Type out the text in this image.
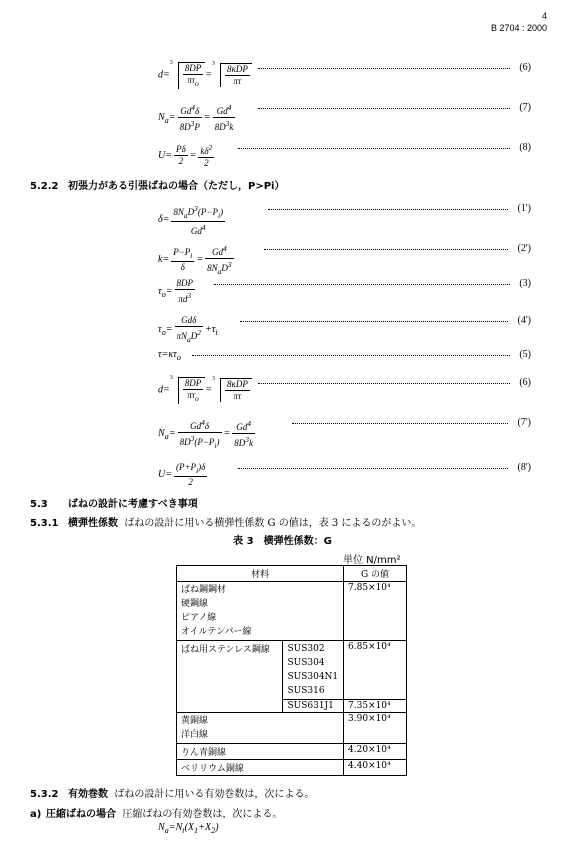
4
B 2704 : 2000
d=
$3 \frac{8DP}{\pi\tau_o}$ =
$3 \frac{\text{8κDP}}{\pi\tau}$	(6)
$N_a= \frac{Gd^4\delta}{8D^3P} = \frac{Gd^4}{8D^3k}$	(7)
$U= \frac{P\delta}{2} = \frac{k\delta^2}{2}$	(8)
5.2.2 初張力がある引張ばねの場合（ただし，P>Pi）
$\delta= \frac{8N_aD^3(P-P_i)}{Gd^4}$	(1')
$k= \frac{P-P_i}{\delta} = \frac{Gd^4}{8N_aD^3}$	(2')
$\tau_o= \frac{8DP}{\pi d^3}$	(3)
$\tau_o= \frac{\text{Gdδ}}{\pi N_aD^2} +\tau_i$
(4')
$\tau=\kappa\tau_o$	(5)
d=
$3 \frac{8DP}{\pi\tau_o}$ =
$3 \frac{\text{8κDP}}{\pi\tau}$	(6)
$N_a= \frac{Gd^4\delta}{8D^3(P-P_i)} = \frac{Gd^4}{8D^3k}$	(7')
$U= \frac{(P+P_i)\delta}{2}$	(8')
5.3 ばねの設計に考慮すべき事項
5.3.1 横弾性係数 ばねの設計に用いる横弾性係数 G の値は，表 3 によるのがよい。
表 3　横弾性係数：G
単位 N/mm²
材料		G の値

ばね鋼鋼材
硬鋼線
ピアノ線
オイルテンパー線		7.85×10⁴
ばね用ステンレス鋼線	SUS302
SUS304
SUS304N1
SUS316	6.85×10⁴
	SUS631J1	7.35×10⁴

黄銅線
洋白線		3.90×10⁴
りん青銅線		4.20×10⁴
ベリリウム銅線		4.40×10⁴
5.3.2 有効巻数 ばねの設計に用いる有効巻数は，次による。
a) 圧縮ばねの場合 圧縮ばねの有効巻数は，次による。
$N_a=N_t(X_1+X_2)$
